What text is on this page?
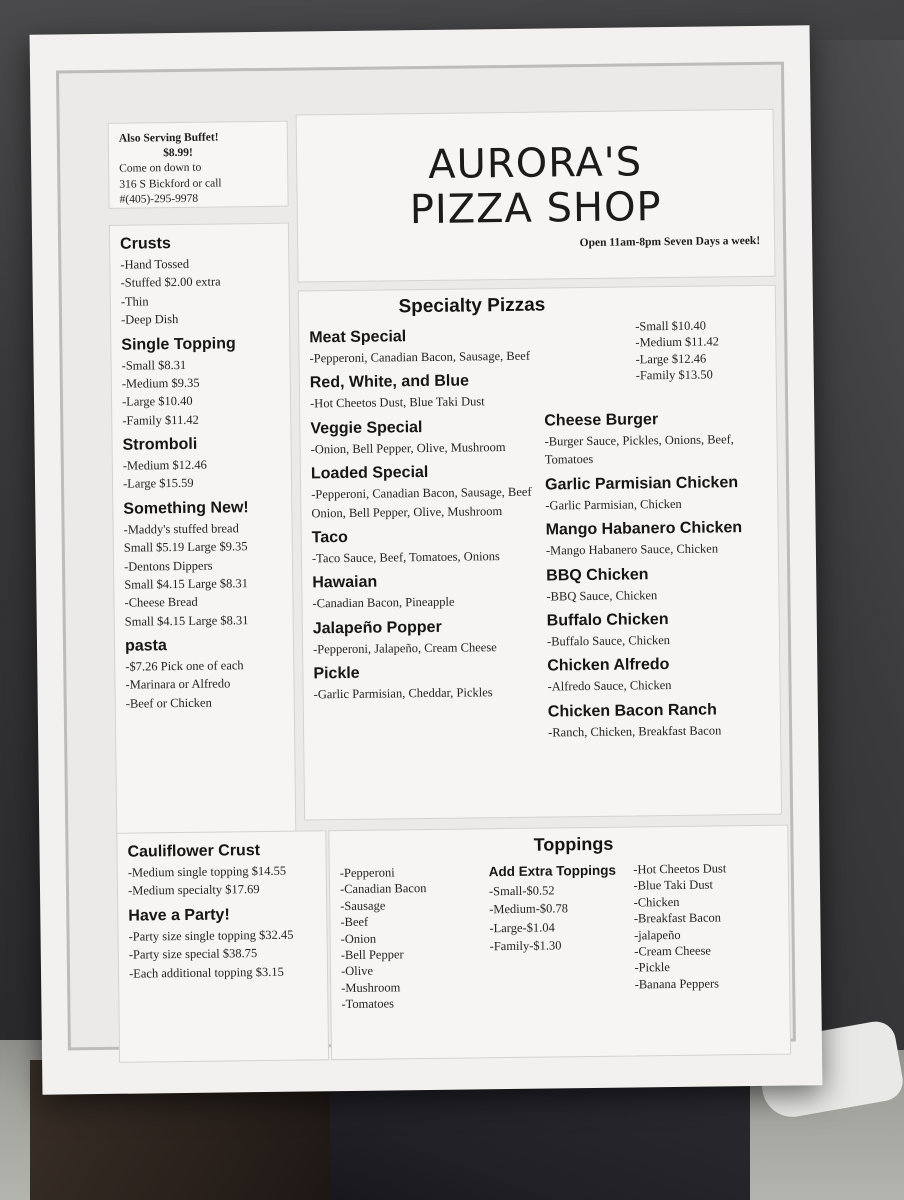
Also Serving Buffet!
$8.99!
Come on down to
316 S Bickford or call
#(405)-295-9978
AURORA'S
PIZZA SHOP
Open 11am-8pm Seven Days a week!
Crusts
-Hand Tossed
-Stuffed $2.00 extra
-Thin
-Deep Dish
Single Topping
-Small $8.31
-Medium $9.35
-Large $10.40
-Family $11.42
Stromboli
-Medium $12.46
-Large $15.59
Something New!
-Maddy's stuffed bread
Small $5.19 Large $9.35
-Dentons Dippers
Small $4.15 Large $8.31
-Cheese Bread
Small $4.15 Large $8.31
pasta
-$7.26 Pick one of each
-Marinara or Alfredo
-Beef or Chicken
Cauliflower Crust
-Medium single topping $14.55
-Medium specialty $17.69
Have a Party!
-Party size single topping $32.45
-Party size special $38.75
-Each additional topping $3.15
Specialty Pizzas
-Small $10.40
-Medium $11.42
-Large $12.46
-Family $13.50
Meat Special
-Pepperoni, Canadian Bacon, Sausage, Beef
Red, White, and Blue
-Hot Cheetos Dust, Blue Taki Dust
Veggie Special
-Onion, Bell Pepper, Olive, Mushroom
Loaded Special
-Pepperoni, Canadian Bacon, Sausage, Beef
Onion, Bell Pepper, Olive, Mushroom
Taco
-Taco Sauce, Beef, Tomatoes, Onions
Hawaian
-Canadian Bacon, Pineapple
Jalapeño Popper
-Pepperoni, Jalapeño, Cream Cheese
Pickle
-Garlic Parmisian, Cheddar, Pickles
Cheese Burger
-Burger Sauce, Pickles, Onions, Beef,
Tomatoes
Garlic Parmisian Chicken
-Garlic Parmisian, Chicken
Mango Habanero Chicken
-Mango Habanero Sauce, Chicken
BBQ Chicken
-BBQ Sauce, Chicken
Buffalo Chicken
-Buffalo Sauce, Chicken
Chicken Alfredo
-Alfredo Sauce, Chicken
Chicken Bacon Ranch
-Ranch, Chicken, Breakfast Bacon
Toppings
-Pepperoni
-Canadian Bacon
-Sausage
-Beef
-Onion
-Bell Pepper
-Olive
-Mushroom
-Tomatoes
Add Extra Toppings
-Small-$0.52
-Medium-$0.78
-Large-$1.04
-Family-$1.30
-Hot Cheetos Dust
-Blue Taki Dust
-Chicken
-Breakfast Bacon
-jalapeño
-Cream Cheese
-Pickle
-Banana Peppers
